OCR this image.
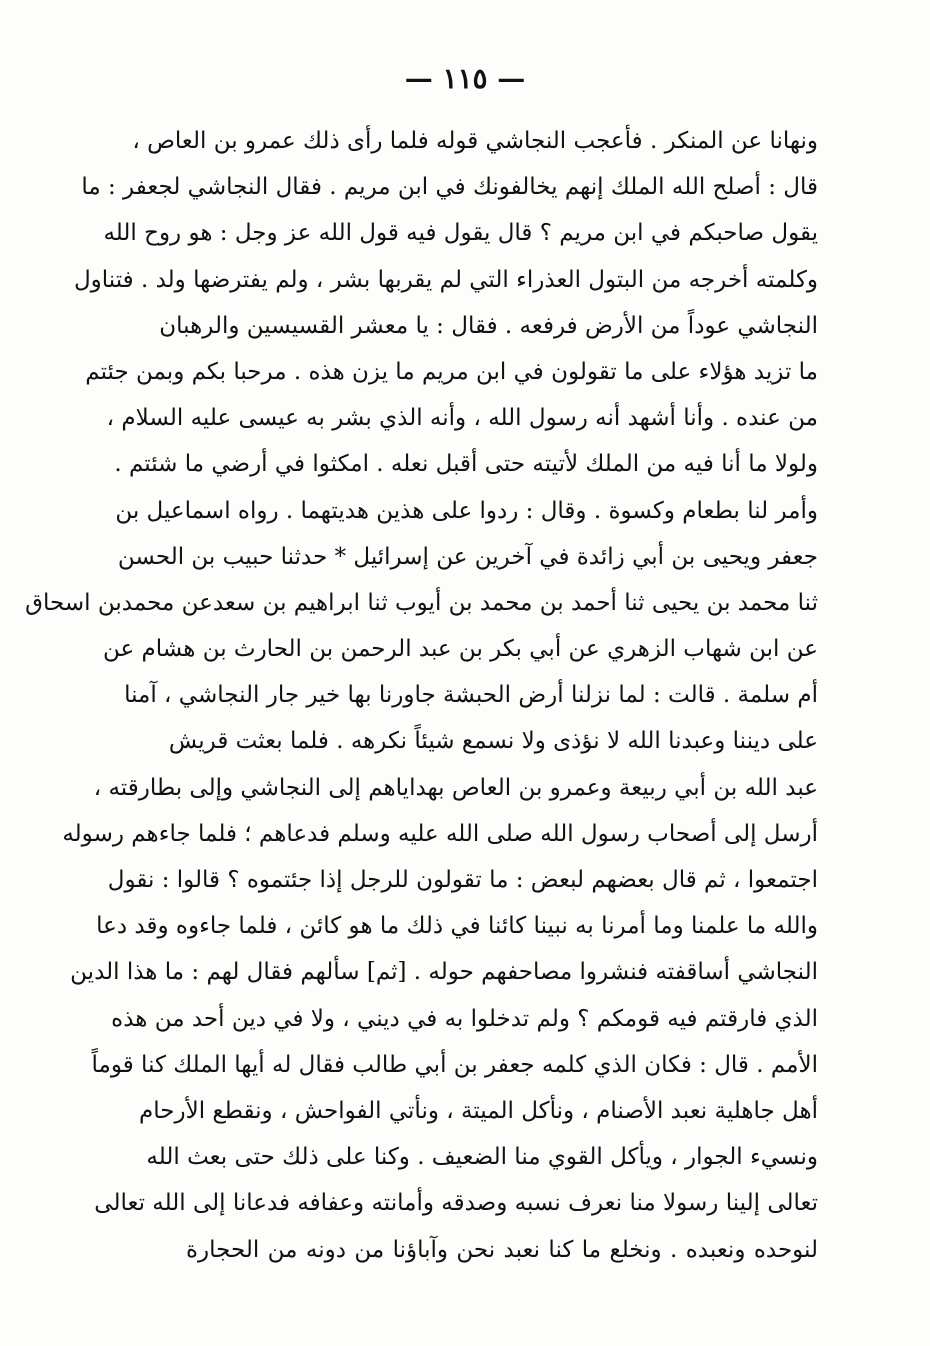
— ١١٥ —
ونهانا عن المنكر . فأعجب النجاشي قوله فلما رأى ذلك عمرو بن العاص ،
قال : أصلح الله الملك إنهم يخالفونك في ابن مريم . فقال النجاشي لجعفر : ما
يقول صاحبكم في ابن مريم ؟ قال يقول فيه قول الله عز وجل : هو روح الله
وكلمته أخرجه من البتول العذراء التي لم يقربها بشر ، ولم يفترضها ولد . فتناول
النجاشي عوداً من الأرض فرفعه . فقال : يا معشر القسيسين والرهبان
ما تزيد هؤلاء على ما تقولون في ابن مريم ما يزن هذه . مرحبا بكم وبمن جئتم
من عنده . وأنا أشهد أنه رسول الله ، وأنه الذي بشر به عيسى عليه السلام ،
ولولا ما أنا فيه من الملك لأتيته حتى أقبل نعله . امكثوا في أرضي ما شئتم .
وأمر لنا بطعام وكسوة . وقال : ردوا على هذين هديتهما . رواه اسماعيل بن
جعفر ويحيى بن أبي زائدة في آخرين عن إسرائيل * حدثنا حبيب بن الحسن
ثنا محمد بن يحيى ثنا أحمد بن محمد بن أيوب ثنا ابراهيم بن سعدعن محمدبن اسحاق
عن ابن شهاب الزهري عن أبي بكر بن عبد الرحمن بن الحارث بن هشام عن
أم سلمة . قالت : لما نزلنا أرض الحبشة جاورنا بها خير جار النجاشي ، آمنا
على ديننا وعبدنا الله لا نؤذى ولا نسمع شيئاً نكرهه . فلما بعثت قريش
عبد الله بن أبي ربيعة وعمرو بن العاص بهداياهم إلى النجاشي وإلى بطارقته ،
أرسل إلى أصحاب رسول الله صلى الله عليه وسلم فدعاهم ؛ فلما جاءهم رسوله
اجتمعوا ، ثم قال بعضهم لبعض : ما تقولون للرجل إذا جئتموه ؟ قالوا : نقول
والله ما علمنا وما أمرنا به نبينا كائنا في ذلك ما هو كائن ، فلما جاءوه وقد دعا
النجاشي أساقفته فنشروا مصاحفهم حوله . [ثم] سألهم فقال لهم : ما هذا الدين
الذي فارقتم فيه قومكم ؟ ولم تدخلوا به في ديني ، ولا في دين أحد من هذه
الأمم . قال : فكان الذي كلمه جعفر بن أبي طالب فقال له أيها الملك كنا قوماً
أهل جاهلية نعبد الأصنام ، ونأكل الميتة ، ونأتي الفواحش ، ونقطع الأرحام
ونسيء الجوار ، ويأكل القوي منا الضعيف . وكنا على ذلك حتى بعث الله
تعالى إلينا رسولا منا نعرف نسبه وصدقه وأمانته وعفافه فدعانا إلى الله تعالى
لنوحده ونعبده . ونخلع ما كنا نعبد نحن وآباؤنا من دونه من الحجارة
